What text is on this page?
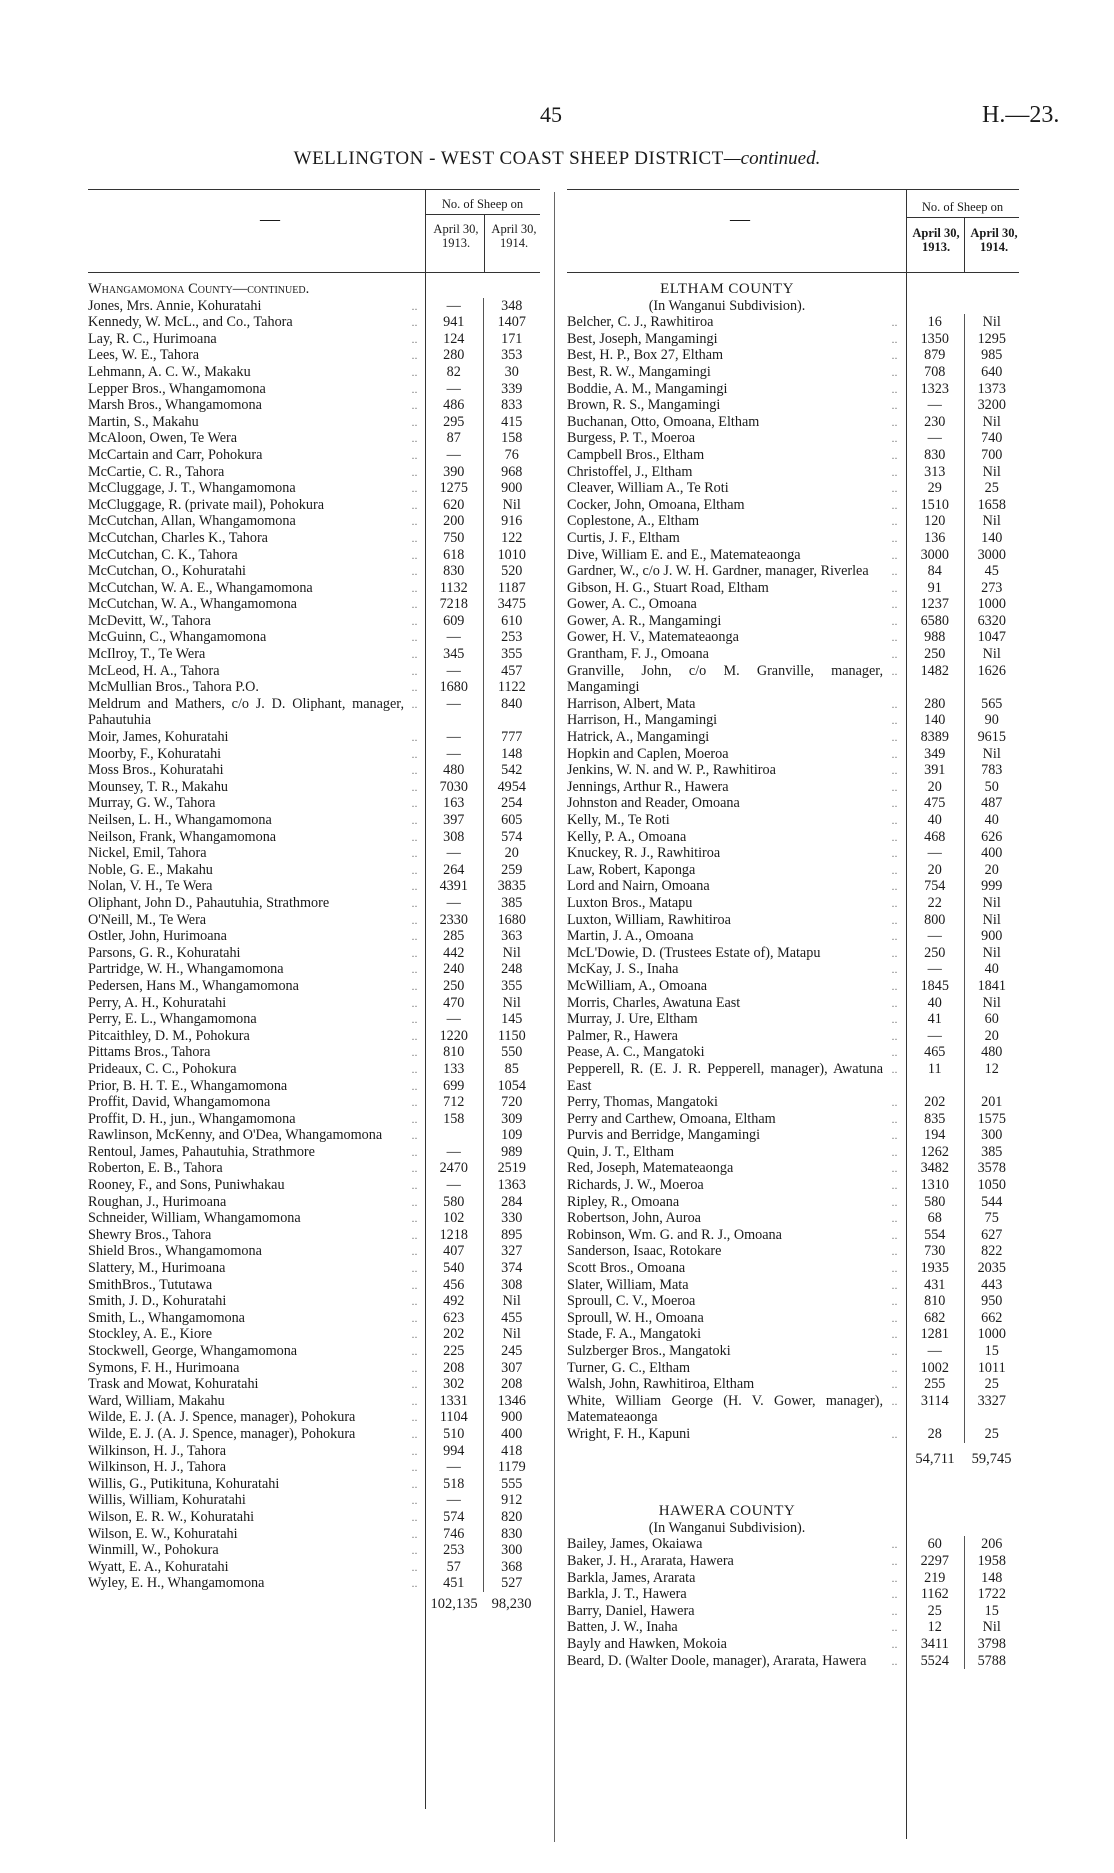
45	H.—23.
WELLINGTON - WEST COAST SHEEP DISTRICT—continued.
—
No. of Sheep on
April 30, 1913.
April 30, 1914.
—
No. of Sheep on
April 30, 1913.
April 30, 1914.
Whangamomona County—continued.
Jones, Mrs. Annie, Kohuratahi	..	—	348
Kennedy, W. McL., and Co., Tahora	..	941	1407
Lay, R. C., Hurimoana	..	124	171
Lees, W. E., Tahora	..	280	353
Lehmann, A. C. W., Makaku	..	82	30
Lepper Bros., Whangamomona	..	—	339
Marsh Bros., Whangamomona	..	486	833
Martin, S., Makahu	..	295	415
McAloon, Owen, Te Wera	..	87	158
McCartain and Carr, Pohokura	..	—	76
McCartie, C. R., Tahora	..	390	968
McCluggage, J. T., Whangamomona	..	1275	900
McCluggage, R. (private mail), Pohokura	..	620	Nil
McCutchan, Allan, Whangamomona	..	200	916
McCutchan, Charles K., Tahora	..	750	122
McCutchan, C. K., Tahora	..	618	1010
McCutchan, O., Kohuratahi	..	830	520
McCutchan, W. A. E., Whangamomona	..	1132	1187
McCutchan, W. A., Whangamomona	..	7218	3475
McDevitt, W., Tahora	..	609	610
McGuinn, C., Whangamomona	..	—	253
McIlroy, T., Te Wera	..	345	355
McLeod, H. A., Tahora	..	—	457
McMullian Bros., Tahora P.O.	..	1680	1122
Meldrum and Mathers, c/o J. D. Oliphant, manager, Pahautuhia	..	—	840
Moir, James, Kohuratahi	..	—	777
Moorby, F., Kohuratahi	..	—	148
Moss Bros., Kohuratahi	..	480	542
Mounsey, T. R., Makahu	..	7030	4954
Murray, G. W., Tahora	..	163	254
Neilsen, L. H., Whangamomona	..	397	605
Neilson, Frank, Whangamomona	..	308	574
Nickel, Emil, Tahora	..	—	20
Noble, G. E., Makahu	..	264	259
Nolan, V. H., Te Wera	..	4391	3835
Oliphant, John D., Pahautuhia, Strathmore	..	—	385
O'Neill, M., Te Wera	..	2330	1680
Ostler, John, Hurimoana	..	285	363
Parsons, G. R., Kohuratahi	..	442	Nil
Partridge, W. H., Whangamomona	..	240	248
Pedersen, Hans M., Whangamomona	..	250	355
Perry, A. H., Kohuratahi	..	470	Nil
Perry, E. L., Whangamomona	..	—	145
Pitcaithley, D. M., Pohokura	..	1220	1150
Pittams Bros., Tahora	..	810	550
Prideaux, C. C., Pohokura	..	133	85
Prior, B. H. T. E., Whangamomona	..	699	1054
Proffit, David, Whangamomona	..	712	720
Proffit, D. H., jun., Whangamomona	..	158	309
Rawlinson, McKenny, and O'Dea, Whangamomona	..		109
Rentoul, James, Pahautuhia, Strathmore	..	—	989
Roberton, E. B., Tahora	..	2470	2519
Rooney, F., and Sons, Puniwhakau	..	—	1363
Roughan, J., Hurimoana	..	580	284
Schneider, William, Whangamomona	..	102	330
Shewry Bros., Tahora	..	1218	895
Shield Bros., Whangamomona	..	407	327
Slattery, M., Hurimoana	..	540	374
SmithBros., Tututawa	..	456	308
Smith, J. D., Kohuratahi	..	492	Nil
Smith, L., Whangamomona	..	623	455
Stockley, A. E., Kiore	..	202	Nil
Stockwell, George, Whangamomona	..	225	245
Symons, F. H., Hurimoana	..	208	307
Trask and Mowat, Kohuratahi	..	302	208
Ward, William, Makahu	..	1331	1346
Wilde, E. J. (A. J. Spence, manager), Pohokura	..	1104	900
Wilde, E. J. (A. J. Spence, manager), Pohokura	..	510	400
Wilkinson, H. J., Tahora	..	994	418
Wilkinson, H. J., Tahora	..	—	1179
Willis, G., Putikituna, Kohuratahi	..	518	555
Willis, William, Kohuratahi	..	—	912
Wilson, E. R. W., Kohuratahi	..	574	820
Wilson, E. W., Kohuratahi	..	746	830
Winmill, W., Pohokura	..	253	300
Wyatt, E. A., Kohuratahi	..	57	368
Wyley, E. H., Whangamomona	..	451	527
	102,135	98,230
ELTHAM COUNTY
(In Wanganui Subdivision).
Belcher, C. J., Rawhitiroa	..	16	Nil
Best, Joseph, Mangamingi	..	1350	1295
Best, H. P., Box 27, Eltham	..	879	985
Best, R. W., Mangamingi	..	708	640
Boddie, A. M., Mangamingi	..	1323	1373
Brown, R. S., Mangamingi	..	—	3200
Buchanan, Otto, Omoana, Eltham	..	230	Nil
Burgess, P. T., Moeroa	..	—	740
Campbell Bros., Eltham	..	830	700
Christoffel, J., Eltham	..	313	Nil
Cleaver, William A., Te Roti	..	29	25
Cocker, John, Omoana, Eltham	..	1510	1658
Coplestone, A., Eltham	..	120	Nil
Curtis, J. F., Eltham	..	136	140
Dive, William E. and E., Matemateaonga	..	3000	3000
Gardner, W., c/o J. W. H. Gardner, manager, Riverlea	..	84	45
Gibson, H. G., Stuart Road, Eltham	..	91	273
Gower, A. C., Omoana	..	1237	1000
Gower, A. R., Mangamingi	..	6580	6320
Gower, H. V., Matemateaonga	..	988	1047
Grantham, F. J., Omoana	..	250	Nil
Granville, John, c/o M. Granville, manager, Mangamingi	..	1482	1626
Harrison, Albert, Mata	..	280	565
Harrison, H., Mangamingi	..	140	90
Hatrick, A., Mangamingi	..	8389	9615
Hopkin and Caplen, Moeroa	..	349	Nil
Jenkins, W. N. and W. P., Rawhitiroa	..	391	783
Jennings, Arthur R., Hawera	..	20	50
Johnston and Reader, Omoana	..	475	487
Kelly, M., Te Roti	..	40	40
Kelly, P. A., Omoana	..	468	626
Knuckey, R. J., Rawhitiroa	..	—	400
Law, Robert, Kaponga	..	20	20
Lord and Nairn, Omoana	..	754	999
Luxton Bros., Matapu	..	22	Nil
Luxton, William, Rawhitiroa	..	800	Nil
Martin, J. A., Omoana	..	—	900
McL'Dowie, D. (Trustees Estate of), Matapu	..	250	Nil
McKay, J. S., Inaha	..	—	40
McWilliam, A., Omoana	..	1845	1841
Morris, Charles, Awatuna East	..	40	Nil
Murray, J. Ure, Eltham	..	41	60
Palmer, R., Hawera	..	—	20
Pease, A. C., Mangatoki	..	465	480
Pepperell, R. (E. J. R. Pepperell, manager), Awatuna East	..	11	12
Perry, Thomas, Mangatoki	..	202	201
Perry and Carthew, Omoana, Eltham	..	835	1575
Purvis and Berridge, Mangamingi	..	194	300
Quin, J. T., Eltham	..	1262	385
Red, Joseph, Matemateaonga	..	3482	3578
Richards, J. W., Moeroa	..	1310	1050
Ripley, R., Omoana	..	580	544
Robertson, John, Auroa	..	68	75
Robinson, Wm. G. and R. J., Omoana	..	554	627
Sanderson, Isaac, Rotokare	..	730	822
Scott Bros., Omoana	..	1935	2035
Slater, William, Mata	..	431	443
Sproull, C. V., Moeroa	..	810	950
Sproull, W. H., Omoana	..	682	662
Stade, F. A., Mangatoki	..	1281	1000
Sulzberger Bros., Mangatoki	..	—	15
Turner, G. C., Eltham	..	1002	1011
Walsh, John, Rawhitiroa, Eltham	..	255	25
White, William George (H. V. Gower, manager), Matemateaonga	..	3114	3327
Wright, F. H., Kapuni	..	28	25
	54,711	59,745
HAWERA COUNTY
(In Wanganui Subdivision).
Bailey, James, Okaiawa	..	60	206
Baker, J. H., Ararata, Hawera	..	2297	1958
Barkla, James, Ararata	..	219	148
Barkla, J. T., Hawera	..	1162	1722
Barry, Daniel, Hawera	..	25	15
Batten, J. W., Inaha	..	12	Nil
Bayly and Hawken, Mokoia	..	3411	3798
Beard, D. (Walter Doole, manager), Ararata, Hawera	..	5524	5788
